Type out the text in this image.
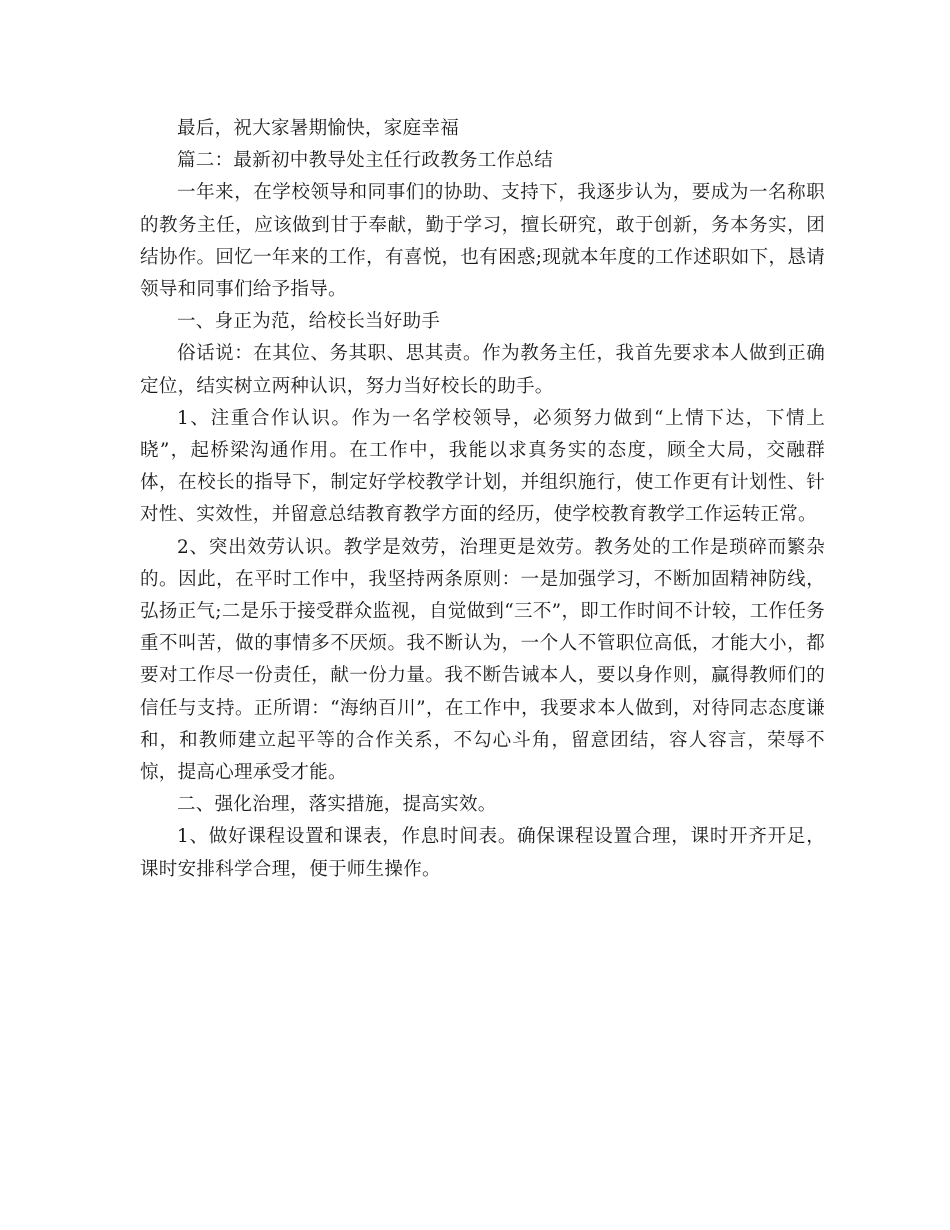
最后，祝大家暑期愉快，家庭幸福

篇二：最新初中教导处主任行政教务工作总结

一年来，在学校领导和同事们的协助、支持下，我逐步认为，要成为一名称职的教务主任，应该做到甘于奉献，勤于学习，擅长研究，敢于创新，务本务实，团结协作。回忆一年来的工作，有喜悦，也有困惑;现就本年度的工作述职如下，恳请领导和同事们给予指导。

一、身正为范，给校长当好助手

俗话说：在其位、务其职、思其责。作为教务主任，我首先要求本人做到正确定位，结实树立两种认识，努力当好校长的助手。

1、注重合作认识。作为一名学校领导，必须努力做到“上情下达，下情上晓”，起桥梁沟通作用。在工作中，我能以求真务实的态度，顾全大局，交融群体，在校长的指导下，制定好学校教学计划，并组织施行，使工作更有计划性、针对性、实效性，并留意总结教育教学方面的经历，使学校教育教学工作运转正常。

2、突出效劳认识。教学是效劳，治理更是效劳。教务处的工作是琐碎而繁杂的。因此，在平时工作中，我坚持两条原则：一是加强学习，不断加固精神防线，弘扬正气;二是乐于接受群众监视，自觉做到“三不”，即工作时间不计较，工作任务重不叫苦，做的事情多不厌烦。我不断认为，一个人不管职位高低，才能大小，都要对工作尽一份责任，献一份力量。我不断告诫本人，要以身作则，赢得教师们的信任与支持。正所谓：“海纳百川”，在工作中，我要求本人做到，对待同志态度谦和，和教师建立起平等的合作关系，不勾心斗角，留意团结，容人容言，荣辱不惊，提高心理承受才能。

二、强化治理，落实措施，提高实效。

1、做好课程设置和课表，作息时间表。确保课程设置合理，课时开齐开足，课时安排科学合理，便于师生操作。
